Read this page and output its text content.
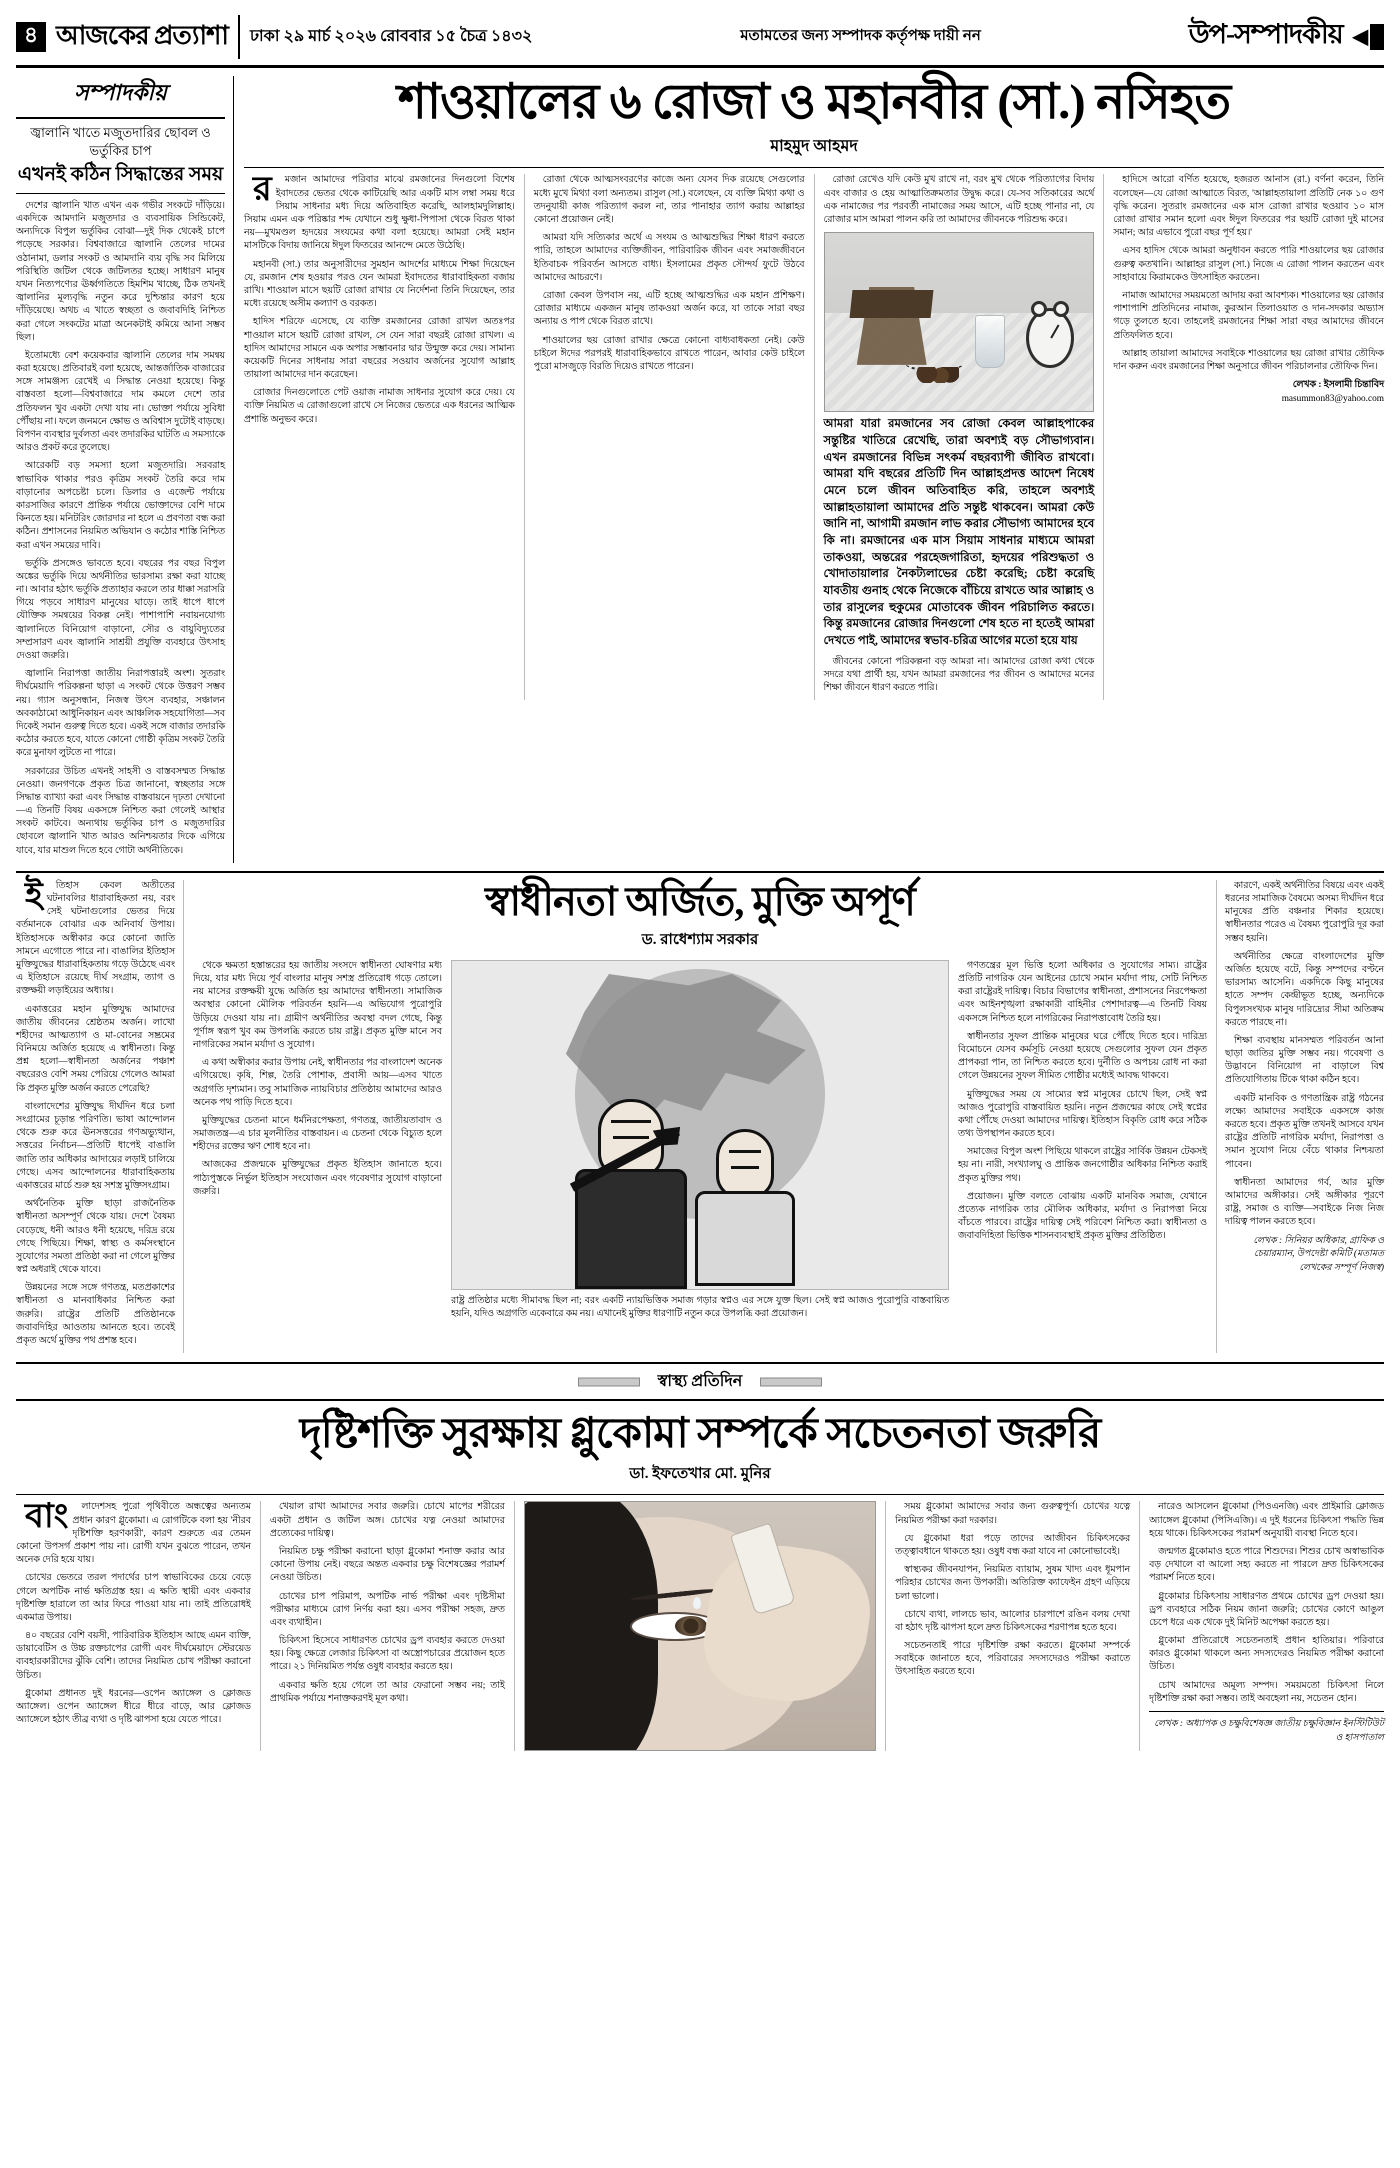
৪ আজকের প্রত্যাশা	ঢাকা ২৯ মার্চ ২০২৬ রোববার ১৫ চৈত্র ১৪৩২	মতামতের জন্য সম্পাদক কর্তৃপক্ষ দায়ী নন	উপ-সম্পাদকীয় ◀
সম্পাদকীয়
জ্বালানি খাতে মজুতদারির ছোবল ও ভর্তুকির চাপ
এখনই কঠিন সিদ্ধান্তের সময়

দেশের জ্বালানি খাত এখন এক গভীর সংকটে দাঁড়িয়ে। একদিকে আমদানি মজুতদার ও ব্যবসায়িক সিন্ডিকেট, অন্যদিকে বিপুল ভর্তুকির বোঝা—দুই দিক থেকেই চাপে পড়েছে সরকার। বিশ্ববাজারে জ্বালানি তেলের দামের ওঠানামা, ডলার সংকট ও আমদানি ব্যয় বৃদ্ধি সব মিলিয়ে পরিস্থিতি জটিল থেকে জটিলতর হচ্ছে। সাধারণ মানুষ যখন নিত্যপণ্যের ঊর্ধ্বগতিতে হিমশিম খাচ্ছে, ঠিক তখনই জ্বালানির মূল্যবৃদ্ধি নতুন করে দুশ্চিন্তার কারণ হয়ে দাঁড়িয়েছে। অথচ এ খাতে স্বচ্ছতা ও জবাবদিহি নিশ্চিত করা গেলে সংকটের মাত্রা অনেকটাই কমিয়ে আনা সম্ভব ছিল।

ইতোমধ্যে বেশ কয়েকবার জ্বালানি তেলের দাম সমন্বয় করা হয়েছে। প্রতিবারই বলা হয়েছে, আন্তর্জাতিক বাজারের সঙ্গে সামঞ্জস্য রেখেই এ সিদ্ধান্ত নেওয়া হয়েছে। কিন্তু বাস্তবতা হলো—বিশ্ববাজারে দাম কমলে দেশে তার প্রতিফলন খুব একটা দেখা যায় না। ভোক্তা পর্যায়ে সুবিধা পৌঁছায় না। ফলে জনমনে ক্ষোভ ও অবিশ্বাস দুটোই বাড়ছে। বিপণন ব্যবস্থার দুর্বলতা এবং তদারকির ঘাটতি এ সমস্যাকে আরও প্রকট করে তুলেছে।

আরেকটি বড় সমস্যা হলো মজুতদারি। সরবরাহ স্বাভাবিক থাকার পরও কৃত্রিম সংকট তৈরি করে দাম বাড়ানোর অপচেষ্টা চলে। ডিলার ও এজেন্ট পর্যায়ে কারসাজির কারণে প্রান্তিক পর্যায়ে ভোক্তাদের বেশি দামে কিনতে হয়। মনিটরিং জোরদার না হলে এ প্রবণতা বন্ধ করা কঠিন। প্রশাসনের নিয়মিত অভিযান ও কঠোর শাস্তি নিশ্চিত করা এখন সময়ের দাবি।

ভর্তুকি প্রসঙ্গেও ভাবতে হবে। বছরের পর বছর বিপুল অঙ্কের ভর্তুকি দিয়ে অর্থনীতির ভারসাম্য রক্ষা করা যাচ্ছে না। আবার হঠাৎ ভর্তুকি প্রত্যাহার করলে তার ধাক্কা সরাসরি গিয়ে পড়বে সাধারণ মানুষের ঘাড়ে। তাই ধাপে ধাপে যৌক্তিক সমন্বয়ের বিকল্প নেই। পাশাপাশি নবায়নযোগ্য জ্বালানিতে বিনিয়োগ বাড়ানো, সৌর ও বায়ুবিদ্যুতের সম্প্রসারণ এবং জ্বালানি সাশ্রয়ী প্রযুক্তি ব্যবহারে উৎসাহ দেওয়া জরুরি।

জ্বালানি নিরাপত্তা জাতীয় নিরাপত্তারই অংশ। সুতরাং দীর্ঘমেয়াদি পরিকল্পনা ছাড়া এ সংকট থেকে উত্তরণ সম্ভব নয়। গ্যাস অনুসন্ধান, নিজস্ব উৎস ব্যবহার, সঞ্চালন অবকাঠামো আধুনিকায়ন এবং আঞ্চলিক সহযোগিতা—সব দিকেই সমান গুরুত্ব দিতে হবে। একই সঙ্গে বাজার তদারকি কঠোর করতে হবে, যাতে কোনো গোষ্ঠী কৃত্রিম সংকট তৈরি করে মুনাফা লুটতে না পারে।

সরকারের উচিত এখনই সাহসী ও বাস্তবসম্মত সিদ্ধান্ত নেওয়া। জনগণকে প্রকৃত চিত্র জানানো, স্বচ্ছতার সঙ্গে সিদ্ধান্ত ব্যাখ্যা করা এবং সিদ্ধান্ত বাস্তবায়নে দৃঢ়তা দেখানো—এ তিনটি বিষয় একসঙ্গে নিশ্চিত করা গেলেই আস্থার সংকট কাটবে। অন্যথায় ভর্তুকির চাপ ও মজুতদারির ছোবলে জ্বালানি খাত আরও অনিশ্চয়তার দিকে এগিয়ে যাবে, যার মাশুল দিতে হবে গোটা অর্থনীতিকে।

শাওয়ালের ৬ রোজা ও মহানবীর (সা.) নসিহত
মাহমুদ আহমদ

রমজান আমাদের পরিবার মাঝে রমজানের দিনগুলো বিশেষ ইবাদতের ভেতর থেকে কাটিয়েছি আর একটি মাস লম্বা সময় ধরে সিয়াম সাধনার মধ্য দিয়ে অতিবাহিত করেছি, আলহামদুলিল্লাহ। সিয়াম এমন এক পরিষ্কার শব্দ যেখানে শুধু ক্ষুধা-পিপাসা থেকে বিরত থাকা নয়—মুখমণ্ডল হৃদয়ের সংযমের কথা বলা হয়েছে। আমরা সেই মহান মাসটিকে বিদায় জানিয়ে ঈদুল ফিতরের আনন্দে মেতে উঠেছি।

মহানবী (সা.) তার অনুসারীদের সুমহান আদর্শের মাধ্যমে শিক্ষা দিয়েছেন যে, রমজান শেষ হওয়ার পরও যেন আমরা ইবাদতের ধারাবাহিকতা বজায় রাখি। শাওয়াল মাসে ছয়টি রোজা রাখার যে নির্দেশনা তিনি দিয়েছেন, তার মধ্যে রয়েছে অসীম কল্যাণ ও বরকত।

হাদিস শরিফে এসেছে, যে ব্যক্তি রমজানের রোজা রাখল অতঃপর শাওয়াল মাসে ছয়টি রোজা রাখল, সে যেন সারা বছরই রোজা রাখল। এ হাদিস আমাদের সামনে এক অপার সম্ভাবনার দ্বার উন্মুক্ত করে দেয়। সামান্য কয়েকটি দিনের সাধনায় সারা বছরের সওয়াব অর্জনের সুযোগ আল্লাহ তায়ালা আমাদের দান করেছেন।

রোজার দিনগুলোতে পেট ওয়াজ নামাজ সাধনার সুযোগ করে দেয়। যে ব্যক্তি নিয়মিত এ রোজাগুলো রাখে সে নিজের ভেতরে এক ধরনের আত্মিক প্রশান্তি অনুভব করে।

রোজা থেকে আত্মসংবরণের কাজে অন্য যেসব দিক রয়েছে সেগুলোর মধ্যে মুখে মিথ্যা বলা অন্যতম। রাসুল (সা.) বলেছেন, যে ব্যক্তি মিথ্যা কথা ও তদনুযায়ী কাজ পরিত্যাগ করল না, তার পানাহার ত্যাগ করায় আল্লাহর কোনো প্রয়োজন নেই।

আমরা যদি সত্যিকার অর্থে এ সংযম ও আত্মশুদ্ধির শিক্ষা ধারণ করতে পারি, তাহলে আমাদের ব্যক্তিজীবন, পারিবারিক জীবন এবং সমাজজীবনে ইতিবাচক পরিবর্তন আসতে বাধ্য। ইসলামের প্রকৃত সৌন্দর্য ফুটে উঠবে আমাদের আচরণে।

রোজা কেবল উপবাস নয়, এটি হচ্ছে আত্মশুদ্ধির এক মহান প্রশিক্ষণ। রোজার মাধ্যমে একজন মানুষ তাকওয়া অর্জন করে, যা তাকে সারা বছর অন্যায় ও পাপ থেকে বিরত রাখে।

শাওয়ালের ছয় রোজা রাখার ক্ষেত্রে কোনো বাধ্যবাধকতা নেই। কেউ চাইলে ঈদের পরপরই ধারাবাহিকভাবে রাখতে পারেন, আবার কেউ চাইলে পুরো মাসজুড়ে বিরতি দিয়েও রাখতে পারেন।

রোজা রেখেও যদি কেউ মুখ রাখে না, বরং মুখ থেকে পরিত্যাগের বিদায় এবং বাজার ও হেয় আত্মাতিক্রমতার উদ্বুদ্ধ করে। যে-সব সতিকারের অর্থে এক নামাজের পর পরবর্তী নামাজের সময় আসে, এটি হচ্ছে পানার না, যে রোজার মাস আমরা পালন করি তা আমাদের জীবনকে পরিশুদ্ধ করে।

আমরা যারা রমজানের সব রোজা কেবল আল্লাহপাকের সন্তুষ্টির খাতিরে রেখেছি, তারা অবশ্যই বড় সৌভাগ্যবান। এখন রমজানের বিভিন্ন সৎকর্ম বছরব্যাপী জীবিত রাখবো। আমরা যদি বছরের প্রতিটি দিন আল্লাহপ্রদত্ত আদেশ নিষেধ মেনে চলে জীবন অতিবাহিত করি, তাহলে অবশ্যই আল্লাহতায়ালা আমাদের প্রতি সন্তুষ্ট থাকবেন। আমরা কেউ জানি না, আগামী রমজান লাভ করার সৌভাগ্য আমাদের হবে কি না। রমজানের এক মাস সিয়াম সাধনার মাধ্যমে আমরা তাকওয়া, অন্তরের পরহেজগারিতা, হৃদয়ের পরিশুদ্ধতা ও খোদাতায়ালার নৈকট্যলাভের চেষ্টা করেছি; চেষ্টা করেছি যাবতীয় গুনাহ থেকে নিজেকে বাঁচিয়ে রাখতে আর আল্লাহ ও তার রাসুলের হুকুমের মোতাবেক জীবন পরিচালিত করতে। কিন্তু রমজানের রোজার দিনগুলো শেষ হতে না হতেই আমরা দেখতে পাই, আমাদের স্বভাব-চরিত্র আগের মতো হয়ে যায়

জীবনের কোনো পরিকল্পনা বড় আমরা না। আমাদের রোজা কথা থেকে সদরে যথা প্রার্থী হয়, যখন আমরা রমজানের পর জীবন ও আমাদের মনের শিক্ষা জীবনে ধারণ করতে পারি।

হাদিসে আরো বর্ণিত হয়েছে, হজরত আনাস (রা.) বর্ণনা করেন, তিনি বলেছেন—যে রোজা আত্মাতে বিরত, 'আল্লাহতায়ালা প্রতিটি নেক ১০ গুণ বৃদ্ধি করেন। সুতরাং রমজানের এক মাস রোজা রাখার ছওয়াব ১০ মাস রোজা রাখার সমান হলো এবং ঈদুল ফিতরের পর ছয়টি রোজা দুই মাসের সমান; আর এভাবে পুরো বছর পূর্ণ হয়।'

এসব হাদিস থেকে আমরা অনুধাবন করতে পারি শাওয়ালের ছয় রোজার গুরুত্ব কতখানি। আল্লাহর রাসুল (সা.) নিজে এ রোজা পালন করতেন এবং সাহাবায়ে কিরামকেও উৎসাহিত করতেন।

নামাজ আমাদের সময়মতো আদায় করা আবশ্যক। শাওয়ালের ছয় রোজার পাশাপাশি প্রতিদিনের নামাজ, কুরআন তিলাওয়াত ও দান-সদকার অভ্যাস গড়ে তুলতে হবে। তাহলেই রমজানের শিক্ষা সারা বছর আমাদের জীবনে প্রতিফলিত হবে।

আল্লাহ তায়ালা আমাদের সবাইকে শাওয়ালের ছয় রোজা রাখার তৌফিক দান করুন এবং রমজানের শিক্ষা অনুসারে জীবন পরিচালনার তৌফিক দিন।

লেখক : ইসলামী চিন্তাবিদ
masummon83@yahoo.com

ইতিহাস কেবল অতীতের ঘটনাবলির ধারাবাহিকতা নয়, বরং সেই ঘটনাগুলোর ভেতর দিয়ে বর্তমানকে বোঝার এক অনিবার্য উপায়। ইতিহাসকে অস্বীকার করে কোনো জাতি সামনে এগোতে পারে না। বাঙালির ইতিহাস মুক্তিযুদ্ধের ধারাবাহিকতায় গড়ে উঠেছে এবং এ ইতিহাসে রয়েছে দীর্ঘ সংগ্রাম, ত্যাগ ও রক্তক্ষয়ী লড়াইয়ের অধ্যায়।

একাত্তরের মহান মুক্তিযুদ্ধ আমাদের জাতীয় জীবনের শ্রেষ্ঠতম অর্জন। লাখো শহীদের আত্মত্যাগ ও মা-বোনের সম্ভ্রমের বিনিময়ে অর্জিত হয়েছে এ স্বাধীনতা। কিন্তু প্রশ্ন হলো—স্বাধীনতা অর্জনের পঞ্চাশ বছরেরও বেশি সময় পেরিয়ে গেলেও আমরা কি প্রকৃত মুক্তি অর্জন করতে পেরেছি?

বাংলাদেশের মুক্তিযুদ্ধ দীর্ঘদিন ধরে চলা সংগ্রামের চূড়ান্ত পরিণতি। ভাষা আন্দোলন থেকে শুরু করে ঊনসত্তরের গণঅভ্যুত্থান, সত্তরের নির্বাচন—প্রতিটি ধাপেই বাঙালি জাতি তার অধিকার আদায়ের লড়াই চালিয়ে গেছে। এসব আন্দোলনের ধারাবাহিকতায় একাত্তরের মার্চে শুরু হয় সশস্ত্র মুক্তিসংগ্রাম।

অর্থনৈতিক মুক্তি ছাড়া রাজনৈতিক স্বাধীনতা অসম্পূর্ণ থেকে যায়। দেশে বৈষম্য বেড়েছে, ধনী আরও ধনী হয়েছে, দরিদ্র রয়ে গেছে পিছিয়ে। শিক্ষা, স্বাস্থ্য ও কর্মসংস্থানে সুযোগের সমতা প্রতিষ্ঠা করা না গেলে মুক্তির স্বপ্ন অধরাই থেকে যাবে।

উন্নয়নের সঙ্গে সঙ্গে গণতন্ত্র, মতপ্রকাশের স্বাধীনতা ও মানবাধিকার নিশ্চিত করা জরুরি। রাষ্ট্রের প্রতিটি প্রতিষ্ঠানকে জবাবদিহির আওতায় আনতে হবে। তবেই প্রকৃত অর্থে মুক্তির পথ প্রশস্ত হবে।

স্বাধীনতা অর্জিত, মুক্তি অপূর্ণ
ড. রাধেশ্যাম সরকার

থেকে ক্ষমতা হস্তান্তরের হয় জাতীয় সংসদে স্বাধীনতা ঘোষণার মধ্য দিয়ে, যার মধ্য দিয়ে পূর্ব বাংলার মানুষ সশস্ত্র প্রতিরোধ গড়ে তোলে। নয় মাসের রক্তক্ষয়ী যুদ্ধে অর্জিত হয় আমাদের স্বাধীনতা। সামাজিক অবস্থার কোনো মৌলিক পরিবর্তন হয়নি—এ অভিযোগ পুরোপুরি উড়িয়ে দেওয়া যায় না। গ্রামীণ অর্থনীতির অবস্থা বদল গেছে, কিন্তু পূর্ণাঙ্গ স্বরূপ খুব কম উপলব্ধি করতে চায় রাষ্ট্র। প্রকৃত মুক্তি মানে সব নাগরিকের সমান মর্যাদা ও সুযোগ।

এ কথা অস্বীকার করার উপায় নেই, স্বাধীনতার পর বাংলাদেশ অনেক এগিয়েছে। কৃষি, শিল্প, তৈরি পোশাক, প্রবাসী আয়—এসব খাতে অগ্রগতি দৃশ্যমান। তবু সামাজিক ন্যায়বিচার প্রতিষ্ঠায় আমাদের আরও অনেক পথ পাড়ি দিতে হবে।

মুক্তিযুদ্ধের চেতনা মানে ধর্মনিরপেক্ষতা, গণতন্ত্র, জাতীয়তাবাদ ও সমাজতন্ত্র—এ চার মূলনীতির বাস্তবায়ন। এ চেতনা থেকে বিচ্যুত হলে শহীদের রক্তের ঋণ শোধ হবে না।

আজকের প্রজন্মকে মুক্তিযুদ্ধের প্রকৃত ইতিহাস জানাতে হবে। পাঠ্যপুস্তকে নির্ভুল ইতিহাস সংযোজন এবং গবেষণার সুযোগ বাড়ানো জরুরি।

রাষ্ট্র প্রতিষ্ঠার মধ্যে সীমাবদ্ধ ছিল না; বরং একটি ন্যায়ভিত্তিক সমাজ গড়ার স্বপ্নও এর সঙ্গে যুক্ত ছিল। সেই স্বপ্ন আজও পুরোপুরি বাস্তবায়িত হয়নি, যদিও অগ্রগতি একেবারে কম নয়। এখানেই মুক্তির ধারণাটি নতুন করে উপলব্ধি করা প্রয়োজন।

গণতন্ত্রের মূল ভিত্তি হলো অধিকার ও সুযোগের সাম্য। রাষ্ট্রের প্রতিটি নাগরিক যেন আইনের চোখে সমান মর্যাদা পায়, সেটি নিশ্চিত করা রাষ্ট্রেরই দায়িত্ব। বিচার বিভাগের স্বাধীনতা, প্রশাসনের নিরপেক্ষতা এবং আইনশৃঙ্খলা রক্ষাকারী বাহিনীর পেশাদারত্ব—এ তিনটি বিষয় একসঙ্গে নিশ্চিত হলে নাগরিকের নিরাপত্তাবোধ তৈরি হয়।

স্বাধীনতার সুফল প্রান্তিক মানুষের ঘরে পৌঁছে দিতে হবে। দারিদ্র্য বিমোচনে যেসব কর্মসূচি নেওয়া হয়েছে সেগুলোর সুফল যেন প্রকৃত প্রাপকরা পান, তা নিশ্চিত করতে হবে। দুর্নীতি ও অপচয় রোধ না করা গেলে উন্নয়নের সুফল সীমিত গোষ্ঠীর মধ্যেই আবদ্ধ থাকবে।

মুক্তিযুদ্ধের সময় যে সাম্যের স্বপ্ন মানুষের চোখে ছিল, সেই স্বপ্ন আজও পুরোপুরি বাস্তবায়িত হয়নি। নতুন প্রজন্মের কাছে সেই স্বপ্নের কথা পৌঁছে দেওয়া আমাদের দায়িত্ব। ইতিহাস বিকৃতি রোধ করে সঠিক তথ্য উপস্থাপন করতে হবে।

সমাজের বিপুল অংশ পিছিয়ে থাকলে রাষ্ট্রের সার্বিক উন্নয়ন টেকসই হয় না। নারী, সংখ্যালঘু ও প্রান্তিক জনগোষ্ঠীর অধিকার নিশ্চিত করাই প্রকৃত মুক্তির পথ।

প্রয়োজন। মুক্তি বলতে বোঝায় একটি মানবিক সমাজ, যেখানে প্রত্যেক নাগরিক তার মৌলিক অধিকার, মর্যাদা ও নিরাপত্তা নিয়ে বাঁচতে পারবে। রাষ্ট্রের দায়িত্ব সেই পরিবেশ নিশ্চিত করা। স্বাধীনতা ও জবাবদিহিতা ভিত্তিক শাসনব্যবস্থাই প্রকৃত মুক্তির প্রতিষ্ঠিত।

কারণে, একই অর্থনীতির বিষয়ে এবং একই ধরনের সামাজিক বৈষম্যে অসম্য দীর্ঘদিন ধরে মানুষের প্রতি বঞ্চনার শিকার হয়েছে। স্বাধীনতার পরেও এ বৈষম্য পুরোপুরি দূর করা সম্ভব হয়নি।

অর্থনীতির ক্ষেত্রে বাংলাদেশের মুক্তি অর্জিত হয়েছে বটে, কিন্তু সম্পদের বণ্টনে ভারসাম্য আসেনি। একদিকে কিছু মানুষের হাতে সম্পদ কেন্দ্রীভূত হচ্ছে, অন্যদিকে বিপুলসংখ্যক মানুষ দারিদ্র্যের সীমা অতিক্রম করতে পারছে না।

শিক্ষা ব্যবস্থায় মানসম্মত পরিবর্তন আনা ছাড়া জাতির মুক্তি সম্ভব নয়। গবেষণা ও উদ্ভাবনে বিনিয়োগ না বাড়ালে বিশ্ব প্রতিযোগিতায় টিকে থাকা কঠিন হবে।

একটি মানবিক ও গণতান্ত্রিক রাষ্ট্র গঠনের লক্ষ্যে আমাদের সবাইকে একসঙ্গে কাজ করতে হবে। প্রকৃত মুক্তি তখনই আসবে যখন রাষ্ট্রের প্রতিটি নাগরিক মর্যাদা, নিরাপত্তা ও সমান সুযোগ নিয়ে বেঁচে থাকার নিশ্চয়তা পাবেন।

স্বাধীনতা আমাদের গর্ব, আর মুক্তি আমাদের অঙ্গীকার। সেই অঙ্গীকার পূরণে রাষ্ট্র, সমাজ ও ব্যক্তি—সবাইকে নিজ নিজ দায়িত্ব পালন করতে হবে।

লেখক : সিনিয়র অধিকার, গ্রাফিক ও চেয়ারম্যান, উপদেষ্টা কমিটি (মতামত লেখকের সম্পূর্ণ নিজস্ব)
স্বাস্থ্য প্রতিদিন
দৃষ্টিশক্তি সুরক্ষায় গ্লুকোমা সম্পর্কে সচেতনতা জরুরি
ডা. ইফতেখার মো. মুনির

বাংলাদেশসহ পুরো পৃথিবীতে অন্ধত্বের অন্যতম প্রধান কারণ গ্লুকোমা। এ রোগটিকে বলা হয় 'নীরব দৃষ্টিশক্তি হরণকারী', কারণ শুরুতে এর তেমন কোনো উপসর্গ প্রকাশ পায় না। রোগী যখন বুঝতে পারেন, তখন অনেক দেরি হয়ে যায়।

চোখের ভেতরে তরল পদার্থের চাপ স্বাভাবিকের চেয়ে বেড়ে গেলে অপটিক নার্ভ ক্ষতিগ্রস্ত হয়। এ ক্ষতি স্থায়ী এবং একবার দৃষ্টিশক্তি হারালে তা আর ফিরে পাওয়া যায় না। তাই প্রতিরোধই একমাত্র উপায়।

৪০ বছরের বেশি বয়সী, পারিবারিক ইতিহাস আছে এমন ব্যক্তি, ডায়াবেটিস ও উচ্চ রক্তচাপের রোগী এবং দীর্ঘমেয়াদে স্টেরয়েড ব্যবহারকারীদের ঝুঁকি বেশি। তাদের নিয়মিত চোখ পরীক্ষা করানো উচিত।

গ্লুকোমা প্রধানত দুই ধরনের—ওপেন অ্যাঙ্গেল ও ক্লোজড অ্যাঙ্গেল। ওপেন অ্যাঙ্গেল ধীরে ধীরে বাড়ে, আর ক্লোজড অ্যাঙ্গেলে হঠাৎ তীব্র ব্যথা ও দৃষ্টি ঝাপসা হয়ে যেতে পারে।

খেয়াল রাখা আমাদের সবার জরুরি। চোখে মাপের শরীরের একটা প্রধান ও জটিল অঙ্গ। চোখের যত্ন নেওয়া আমাদের প্রত্যেকের দায়িত্ব।

নিয়মিত চক্ষু পরীক্ষা করানো ছাড়া গ্লুকোমা শনাক্ত করার আর কোনো উপায় নেই। বছরে অন্তত একবার চক্ষু বিশেষজ্ঞের পরামর্শ নেওয়া উচিত।

চোখের চাপ পরিমাপ, অপটিক নার্ভ পরীক্ষা এবং দৃষ্টিসীমা পরীক্ষার মাধ্যমে রোগ নির্ণয় করা হয়। এসব পরীক্ষা সহজ, দ্রুত এবং ব্যথাহীন।

চিকিৎসা হিসেবে সাধারণত চোখের ড্রপ ব্যবহার করতে দেওয়া হয়। কিছু ক্ষেত্রে লেজার চিকিৎসা বা অস্ত্রোপচারের প্রয়োজন হতে পারে। ২১ দিনিয়মিত পর্যন্ত ওষুধ ব্যবহার করতে হয়।

একবার ক্ষতি হয়ে গেলে তা আর ফেরানো সম্ভব নয়; তাই প্রাথমিক পর্যায়ে শনাক্তকরণই মূল কথা।

সময় গ্লুকোমা আমাদের সবার জন্য গুরুত্বপূর্ণ। চোখের যত্নে নিয়মিত পরীক্ষা করা দরকার।

যে গ্লুকোমা ধরা পড়ে তাদের আজীবন চিকিৎসকের তত্ত্বাবধানে থাকতে হয়। ওষুধ বন্ধ করা যাবে না কোনোভাবেই।

স্বাস্থ্যকর জীবনযাপন, নিয়মিত ব্যায়াম, সুষম খাদ্য এবং ধূমপান পরিহার চোখের জন্য উপকারী। অতিরিক্ত ক্যাফেইন গ্রহণ এড়িয়ে চলা ভালো।

চোখে ব্যথা, লালচে ভাব, আলোর চারপাশে রঙিন বলয় দেখা বা হঠাৎ দৃষ্টি ঝাপসা হলে দ্রুত চিকিৎসকের শরণাপন্ন হতে হবে।

সচেতনতাই পারে দৃষ্টিশক্তি রক্ষা করতে। গ্লুকোমা সম্পর্কে সবাইকে জানাতে হবে, পরিবারের সদস্যদেরও পরীক্ষা করাতে উৎসাহিত করতে হবে।

নারেও আসলেন গ্লুকোমা (পিওএনজি) এবং প্রাইমারি ক্লোজড অ্যাঙ্গেল গ্লুকোমা (পিসিএজি)। এ দুই ধরনের চিকিৎসা পদ্ধতি ভিন্ন হয়ে থাকে। চিকিৎসকের পরামর্শ অনুযায়ী ব্যবস্থা নিতে হবে।

জন্মগত গ্লুকোমাও হতে পারে শিশুদের। শিশুর চোখ অস্বাভাবিক বড় দেখালে বা আলো সহ্য করতে না পারলে দ্রুত চিকিৎসকের পরামর্শ নিতে হবে।

গ্লুকোমার চিকিৎসায় সাধারণত প্রথমে চোখের ড্রপ দেওয়া হয়। ড্রপ ব্যবহারে সঠিক নিয়ম জানা জরুরি; চোখের কোণে আঙুল চেপে ধরে এক থেকে দুই মিনিট অপেক্ষা করতে হয়।

গ্লুকোমা প্রতিরোধে সচেতনতাই প্রধান হাতিয়ার। পরিবারে কারও গ্লুকোমা থাকলে অন্য সদস্যদেরও নিয়মিত পরীক্ষা করানো উচিত।

চোখ আমাদের অমূল্য সম্পদ। সময়মতো চিকিৎসা নিলে দৃষ্টিশক্তি রক্ষা করা সম্ভব। তাই অবহেলা নয়, সচেতন হোন।

লেখক : অধ্যাপক ও চক্ষুবিশেষজ্ঞ জাতীয় চক্ষুবিজ্ঞান ইনস্টিটিউট ও হাসপাতাল
